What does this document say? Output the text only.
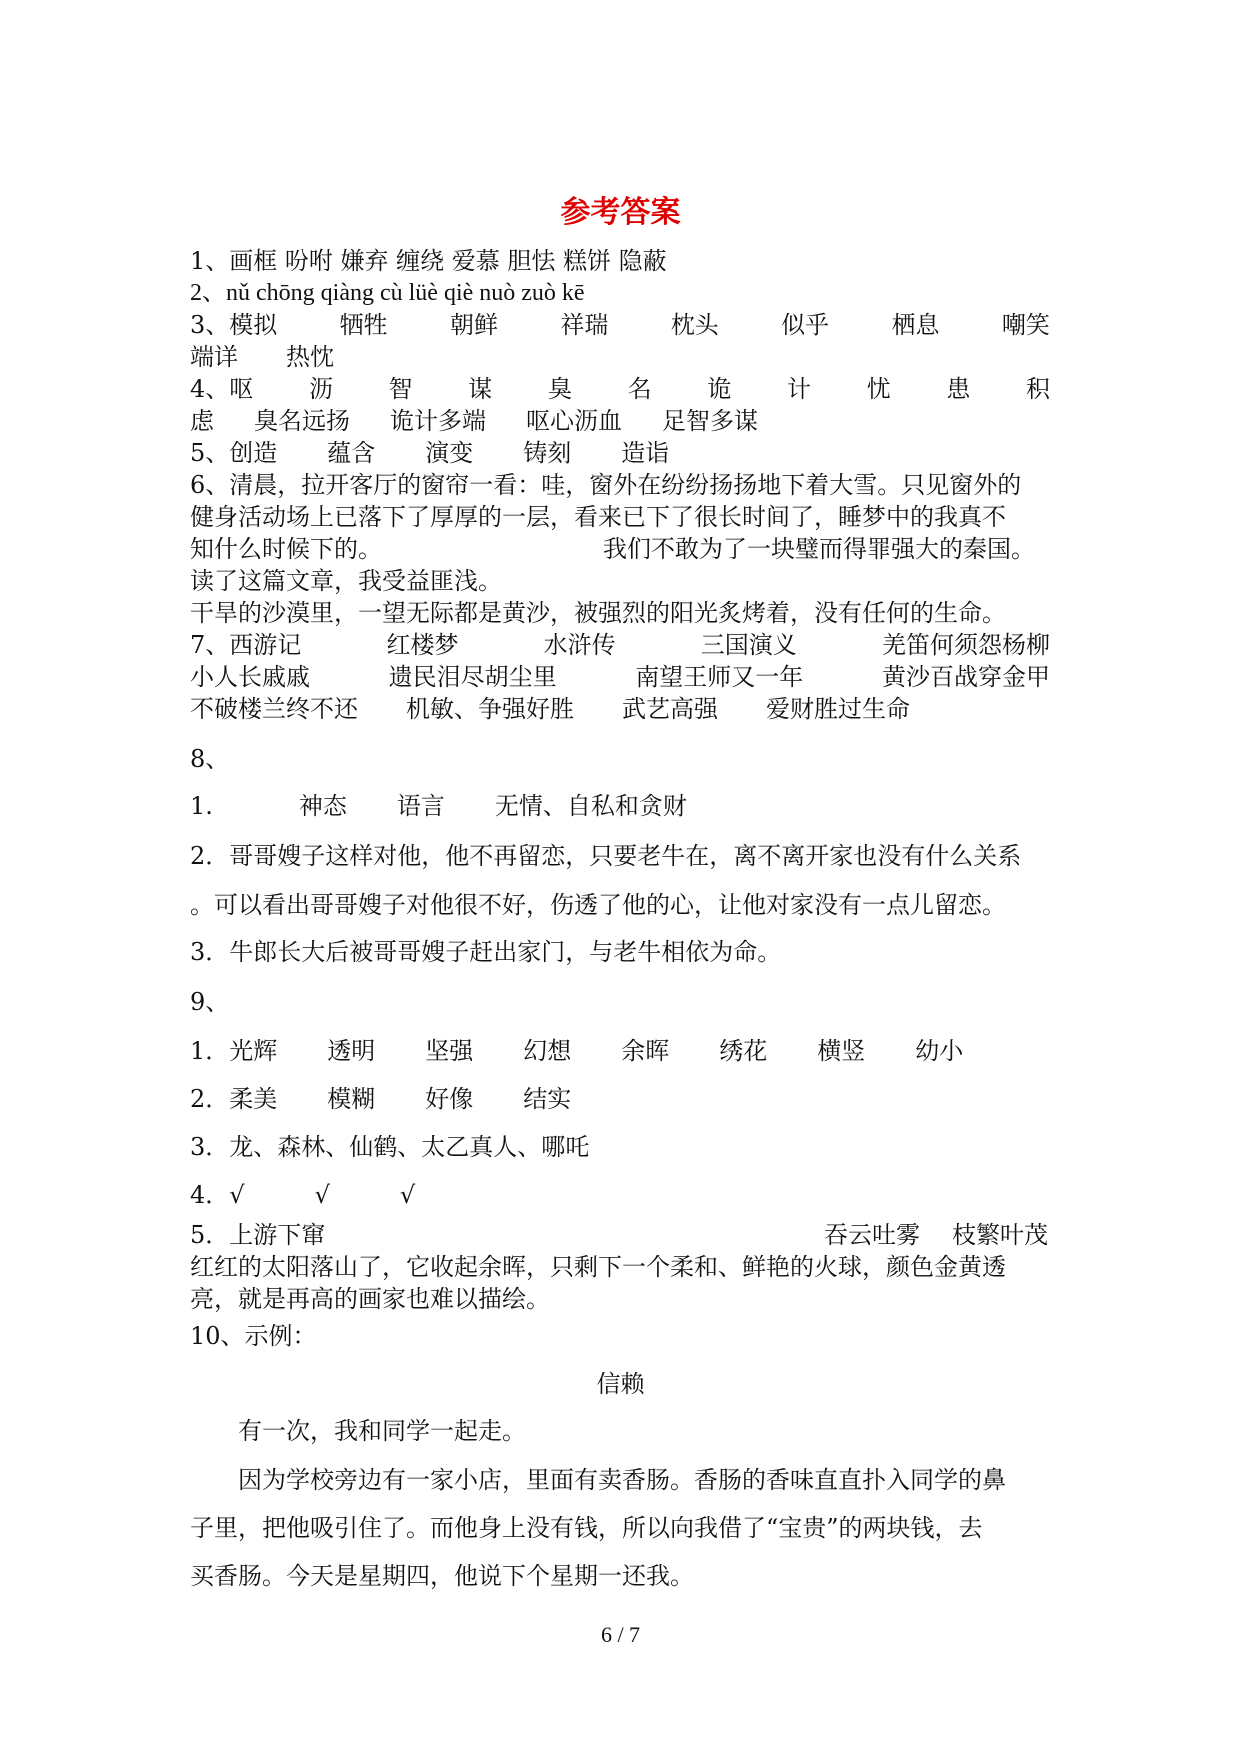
参考答案
1、画框 吩咐 嫌弃 缠绕 爱慕 胆怯 糕饼 隐蔽
2、nǔ chōng qiàng cù lüè qiè nuò zuò kē
3、模拟	牺牲	朝鲜	祥瑞	枕头	似乎	栖息	嘲笑
端详 热忱
4、呕 沥 智 谋 臭 名 诡 计 忧 患 积
虑 臭名远扬 诡计多端 呕心沥血 足智多谋
5、创造 蕴含 演变 铸刻 造诣
6、清晨，拉开客厅的窗帘一看：哇，窗外在纷纷扬扬地下着大雪。只见窗外的
健身活动场上已落下了厚厚的一层，看来已下了很长时间了，睡梦中的我真不
知什么时候下的。	我们不敢为了一块璧而得罪强大的秦国。
读了这篇文章，我受益匪浅。
干旱的沙漠里，一望无际都是黄沙，被强烈的阳光炙烤着，没有任何的生命。
7、西游记	红楼梦	水浒传	三国演义	羌笛何须怨杨柳
小人长戚戚	遗民泪尽胡尘里	南望王师又一年	黄沙百战穿金甲
不破楼兰终不还 机敏、争强好胜 武艺高强 爱财胜过生命
8、
1.	神态 语言 无情、自私和贪财
2．哥哥嫂子这样对他，他不再留恋，只要老牛在，离不离开家也没有什么关系
。可以看出哥哥嫂子对他很不好，伤透了他的心，让他对家没有一点儿留恋。
3．牛郎长大后被哥哥嫂子赶出家门，与老牛相依为命。
9、
1．光辉 透明 坚强 幻想 余晖 绣花 横竖 幼小
2．柔美 模糊 好像 结实
3．龙、森林、仙鹤、太乙真人、哪吒
4．√	√	√
5．上游下窜	吞云吐雾 枝繁叶茂
红红的太阳落山了，它收起余晖，只剩下一个柔和、鲜艳的火球，颜色金黄透
亮，就是再高的画家也难以描绘。
10、示例：
信赖
有一次，我和同学一起走。
因为学校旁边有一家小店，里面有卖香肠。香肠的香味直直扑入同学的鼻
子里，把他吸引住了。而他身上没有钱，所以向我借了“宝贵”的两块钱，去
买香肠。今天是星期四，他说下个星期一还我。
6 / 7
